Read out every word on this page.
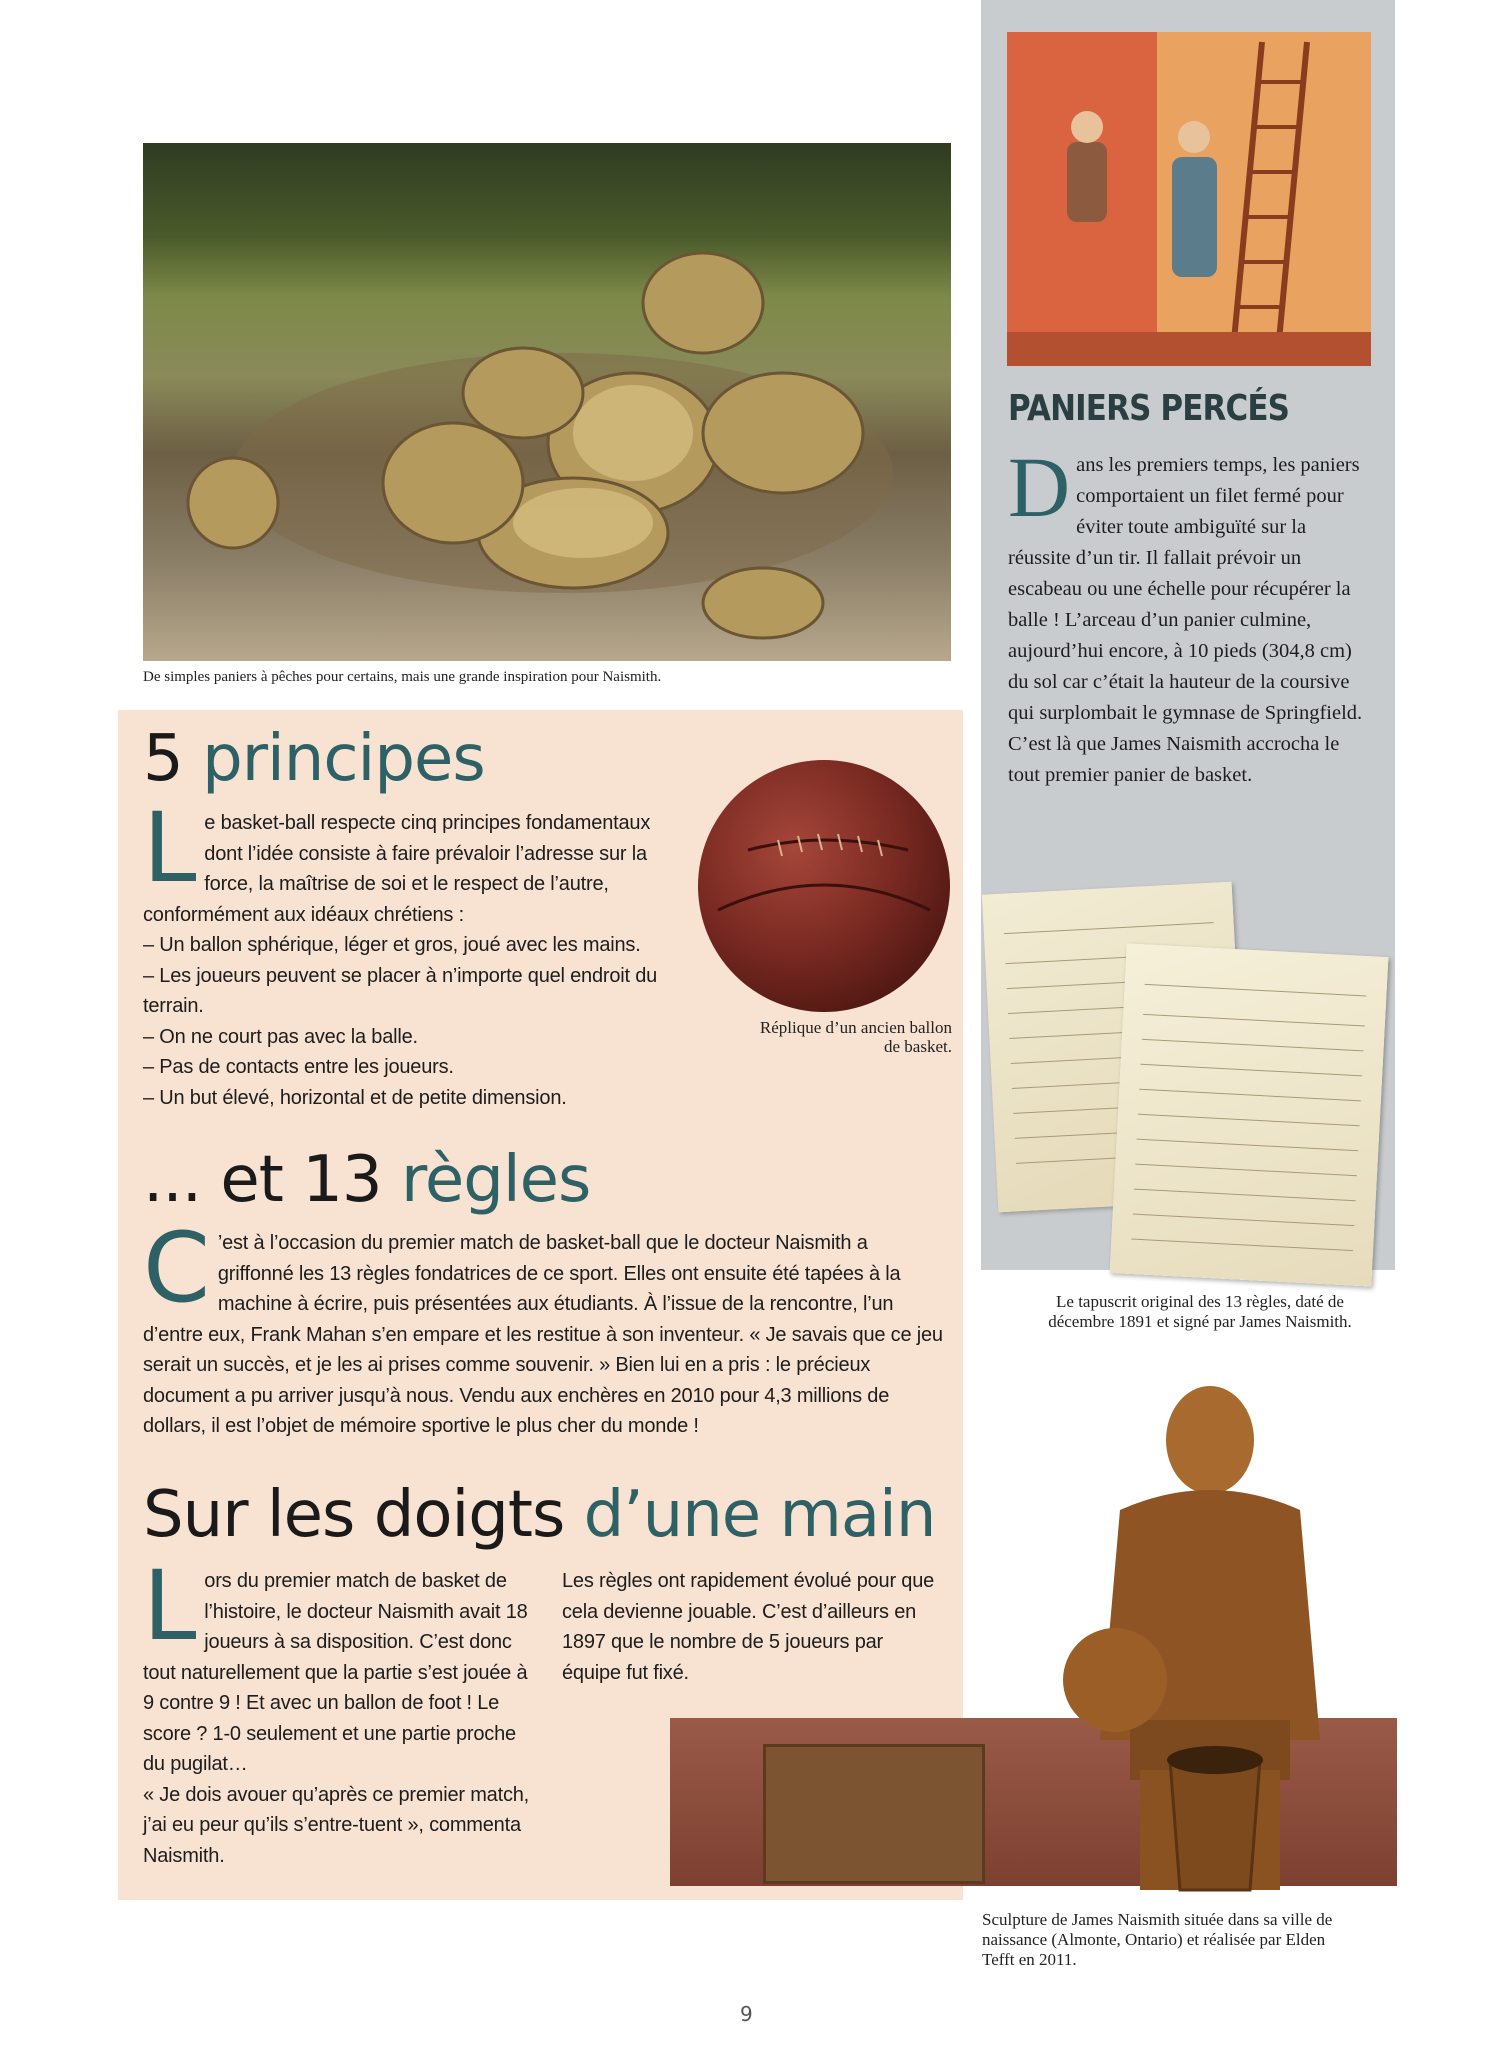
De simples paniers à pêches pour certains, mais une grande inspiration pour Naismith.
PANIERS PERCÉS
Dans les premiers temps, les paniers comportaient un filet fermé pour éviter toute ambiguïté sur la réussite d’un tir. Il fallait prévoir un escabeau ou une échelle pour récupérer la balle ! L’arceau d’un panier culmine, aujourd’hui encore, à 10 pieds (304,8 cm) du sol car c’était la hauteur de la coursive qui surplombait le gymnase de Springfield. C’est là que James Naismith accrocha le tout premier panier de basket.
Le tapuscrit original des 13 règles, daté de
décembre 1891 et signé par James Naismith.
5 principes
Le basket-ball respecte cinq principes fondamentaux dont l’idée consiste à faire prévaloir l’adresse sur la force, la maîtrise de soi et le respect de l’autre, conformément aux idéaux chrétiens :
– Un ballon sphérique, léger et gros, joué avec les mains.
– Les joueurs peuvent se placer à n’importe quel endroit du terrain.
– On ne court pas avec la balle.
– Pas de contacts entre les joueurs.
– Un but élevé, horizontal et de petite dimension.
Réplique d’un ancien ballon
de basket.
... et 13 règles
C ’est à l’occasion du premier match de basket-ball que le docteur Naismith a griffonné les 13 règles fondatrices de ce sport. Elles ont ensuite été tapées à la machine à écrire, puis présentées aux étudiants. À l’issue de la rencontre, l’un d’entre eux, Frank Mahan s’en empare et les restitue à son inventeur. « Je savais que ce jeu serait un succès, et je les ai prises comme souvenir. » Bien lui en a pris : le précieux document a pu arriver jusqu’à nous. Vendu aux enchères en 2010 pour 4,3 millions de dollars, il est l’objet de mémoire sportive le plus cher du monde !
Sur les doigts d’une main
Lors du premier match de basket de l’histoire, le docteur Naismith avait 18 joueurs à sa disposition. C’est donc tout naturellement que la partie s’est jouée à 9 contre 9 ! Et avec un ballon de foot ! Le score ? 1-0 seulement et une partie proche du pugilat…
« Je dois avouer qu’après ce premier match, j’ai eu peur qu’ils s’entre-tuent », commenta Naismith.
Les règles ont rapidement évolué pour que cela devienne jouable. C’est d’ailleurs en 1897 que le nombre de 5 joueurs par équipe fut fixé.
Sculpture de James Naismith située dans sa ville de
naissance (Almonte, Ontario) et réalisée par Elden
Tefft en 2011.
9
